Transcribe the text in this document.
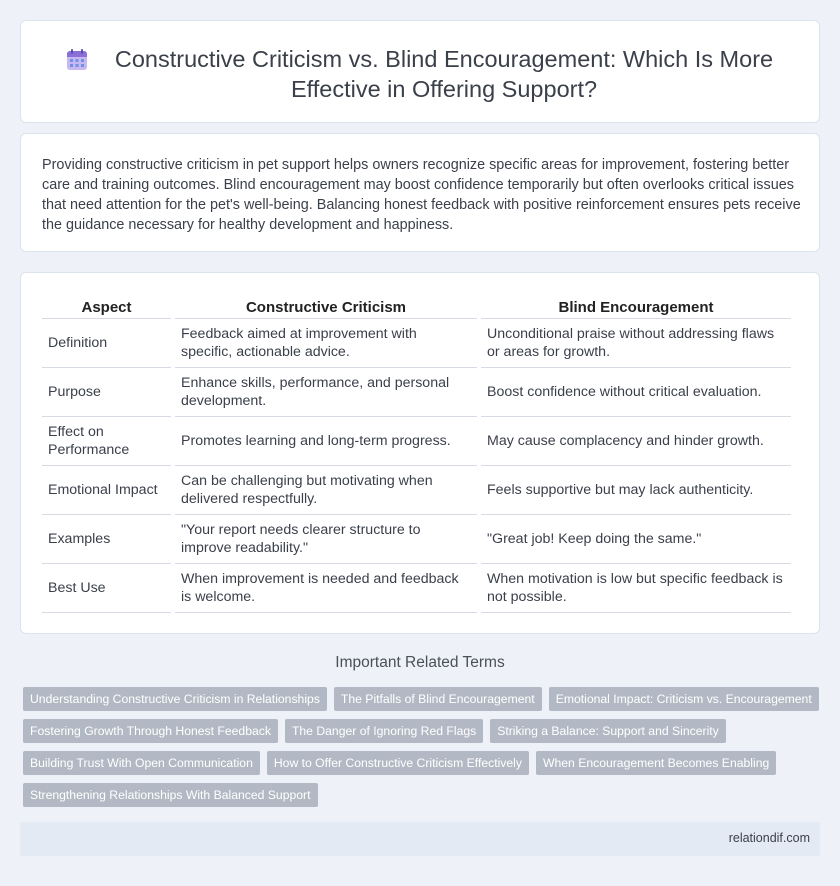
Constructive Criticism vs. Blind Encouragement: Which Is More Effective in Offering Support?

Providing constructive criticism in pet support helps owners recognize specific areas for improvement, fostering better care and training outcomes. Blind encouragement may boost confidence temporarily but often overlooks critical issues that need attention for the pet's well-being. Balancing honest feedback with positive reinforcement ensures pets receive the guidance necessary for healthy development and happiness.

Aspect	Constructive Criticism	Blind Encouragement
Definition	Feedback aimed at improvement with specific, actionable advice.	Unconditional praise without addressing flaws or areas for growth.
Purpose	Enhance skills, performance, and personal development.	Boost confidence without critical evaluation.
Effect on Performance	Promotes learning and long-term progress.	May cause complacency and hinder growth.
Emotional Impact	Can be challenging but motivating when delivered respectfully.	Feels supportive but may lack authenticity.
Examples	"Your report needs clearer structure to improve readability."	"Great job! Keep doing the same."
Best Use	When improvement is needed and feedback is welcome.	When motivation is low but specific feedback is not possible.
Important Related Terms
Understanding Constructive Criticism in Relationships	The Pitfalls of Blind Encouragement	Emotional Impact: Criticism vs. Encouragement
Fostering Growth Through Honest Feedback	The Danger of Ignoring Red Flags	Striking a Balance: Support and Sincerity
Building Trust With Open Communication	How to Offer Constructive Criticism Effectively	When Encouragement Becomes Enabling
Strengthening Relationships With Balanced Support
relationdif.com
